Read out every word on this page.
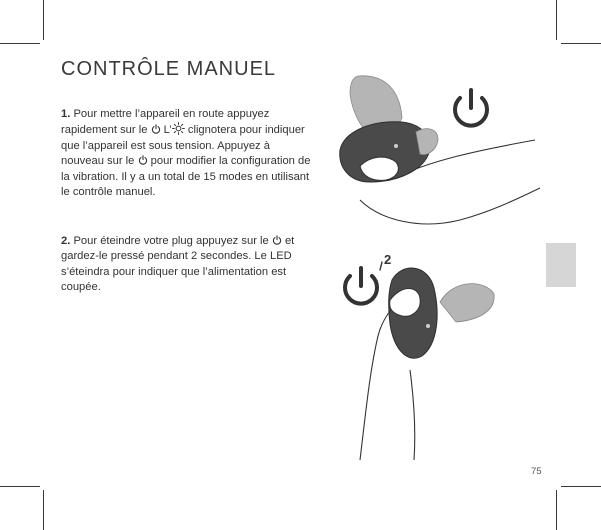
CONTRÔLE MANUEL

1. Pour mettre l’appareil en route appuyez rapidement sur le L’ clignotera pour indiquer que l’appareil est sous tension. Appuyez à nouveau sur le pour modifier la configuration de la vibration. Il y a un total de 15 modes en utilisant le contrôle manuel.

2. Pour éteindre votre plug appuyez sur le et gardez-le pressé pendant 2 secondes. Le LED s’éteindra pour indiquer que l’alimentation est coupée.

2
75
